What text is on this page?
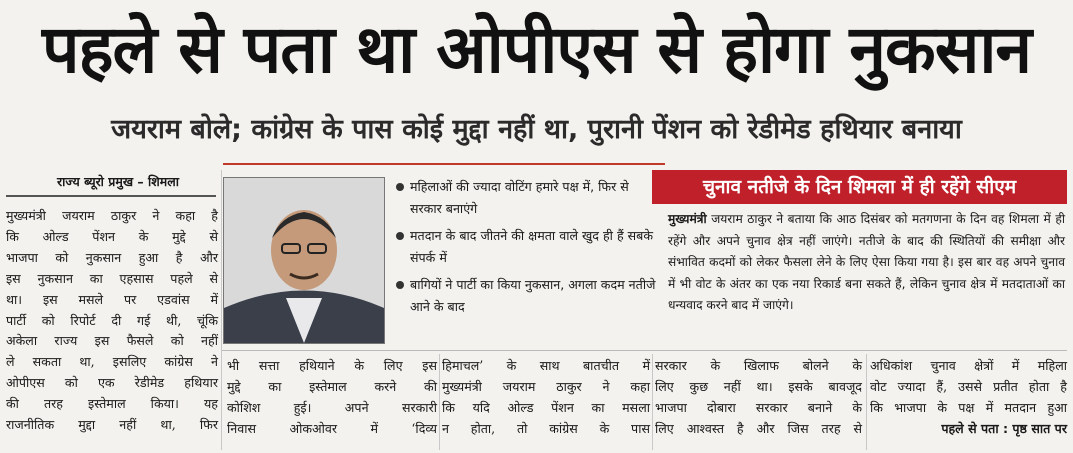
पहले से पता था ओपीएस से होगा नुकसान
जयराम बोले; कांग्रेस के पास कोई मुद्दा नहीं था, पुरानी पेंशन को रेडीमेड हथियार बनाया
राज्य ब्यूरो प्रमुख – शिमला

मुख्यमंत्री जयराम ठाकुर ने कहा है

कि ओल्ड पेंशन के मुद्दे से

भाजपा को नुकसान हुआ है और

इस नुकसान का एहसास पहले से

था। इस मसले पर एडवांस में

पार्टी को रिपोर्ट दी गई थी, चूंकि

अकेला राज्य इस फैसले को नहीं

ले सकता था, इसलिए कांग्रेस ने

ओपीएस को एक रेडीमेड हथियार

की तरह इस्तेमाल किया। यह

राजनीतिक मुद्दा नहीं था, फिर

महिलाओं की ज्यादा वोटिंग हमारे पक्ष में, फिर से सरकार बनाएंगे
मतदान के बाद जीतने की क्षमता वाले खुद ही हैं सबके संपर्क में
बागियों ने पार्टी का किया नुकसान, अगला कदम नतीजे आने के बाद
चुनाव नतीजे के दिन शिमला में ही रहेंगे सीएम
मुख्यमंत्री जयराम ठाकुर ने बताया कि आठ दिसंबर को मतगणना के दिन वह शिमला में ही रहेंगे और अपने चुनाव क्षेत्र नहीं जाएंगे। नतीजे के बाद की स्थितियों की समीक्षा और संभावित कदमों को लेकर फैसला लेने के लिए ऐसा किया गया है। इस बार वह अपने चुनाव में भी वोट के अंतर का एक नया रिकार्ड बना सकते हैं, लेकिन चुनाव क्षेत्र में मतदाताओं का धन्यवाद करने बाद में जाएंगे।

भी सत्ता हथियाने के लिए इस

मुद्दे का इस्तेमाल करने की

कोशिश हुई। अपने सरकारी

निवास ओकओवर में ‘दिव्य

हिमाचल’ के साथ बातचीत में

मुख्यमंत्री जयराम ठाकुर ने कहा

कि यदि ओल्ड पेंशन का मसला

न होता, तो कांग्रेस के पास

सरकार के खिलाफ बोलने के

लिए कुछ नहीं था। इसके बावजूद

भाजपा दोबारा सरकार बनाने के

लिए आश्वस्त है और जिस तरह से

अधिकांश चुनाव क्षेत्रों में महिला

वोट ज्यादा हैं, उससे प्रतीत होता है

कि भाजपा के पक्ष में मतदान हुआ

पहले से पता : पृष्ठ सात पर
